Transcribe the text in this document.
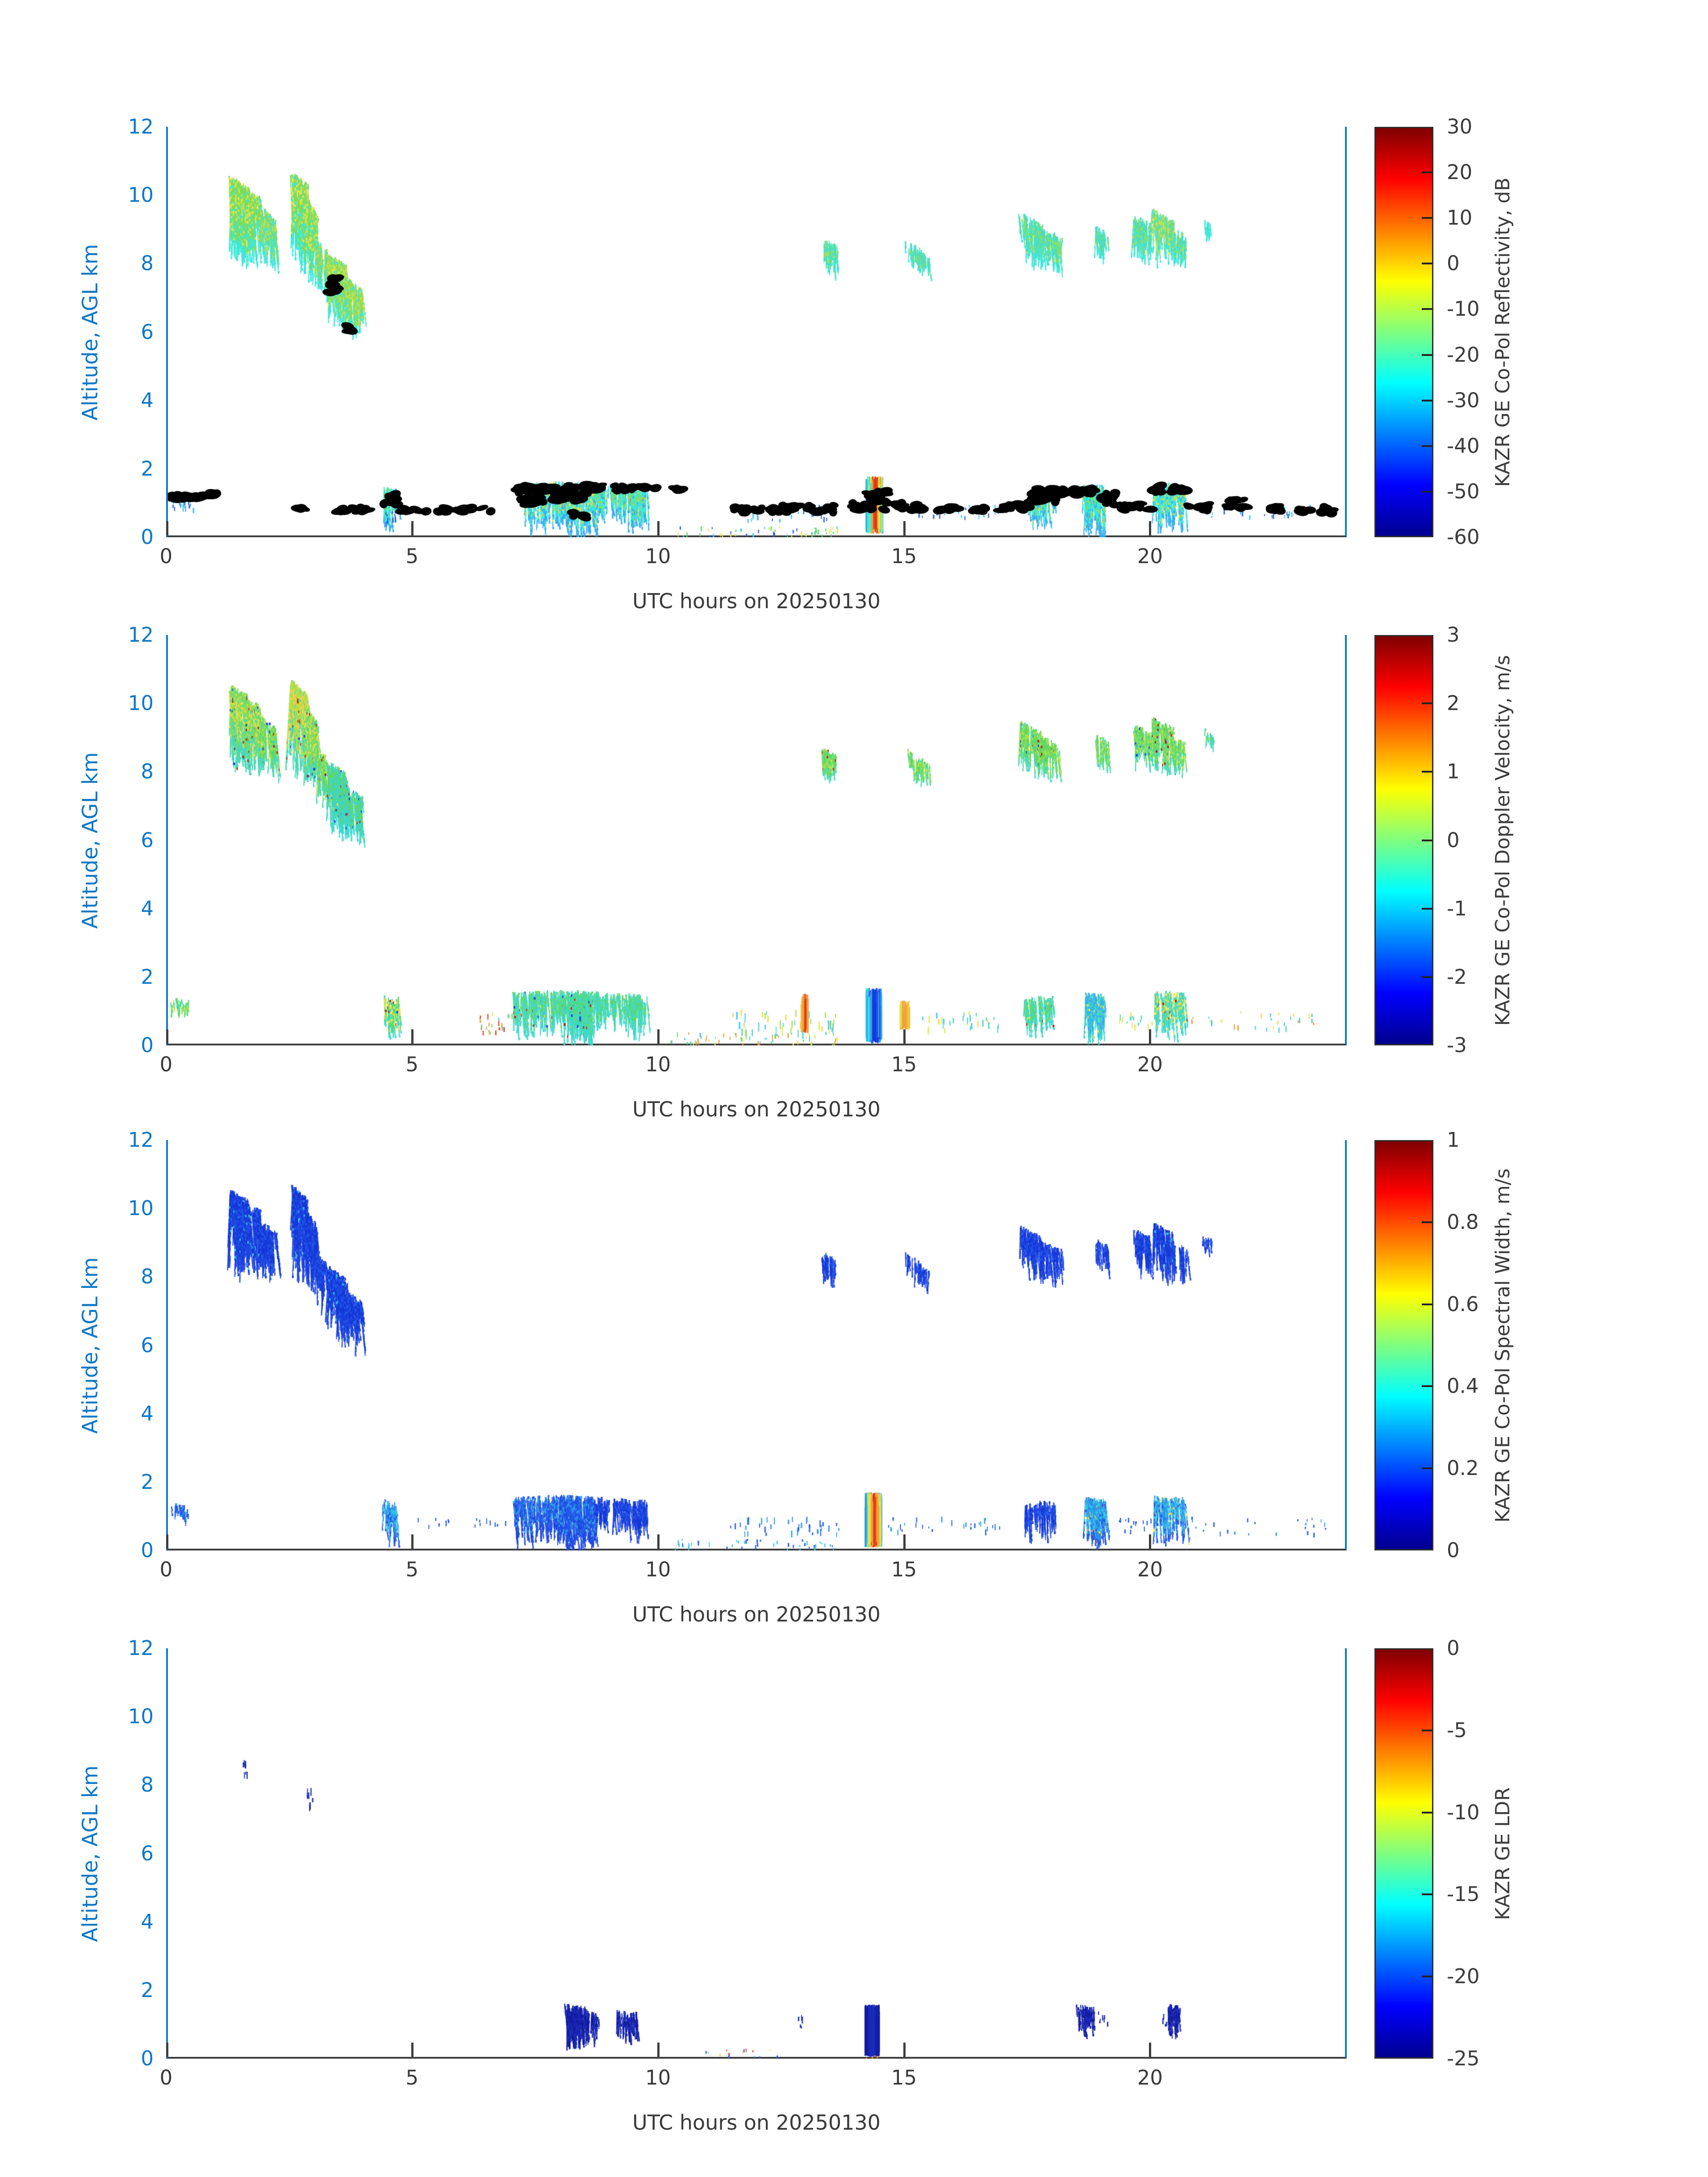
Altitude, AGL km
0
2
4
6
8
10
12
0	5	10	15	20
UTC hours on 20250130
30
20
10
0
-10
-20
-30
-40
-50
-60
KAZR GE Co-Pol Reflectivity, dB
Altitude, AGL km
0
2
4
6
8
10
12
0	5	10	15	20
UTC hours on 20250130
3
2
1
0
-1
-2
-3
KAZR GE Co-Pol Doppler Velocity, m/s
Altitude, AGL km
0
2
4
6
8
10
12
0	5	10	15	20
UTC hours on 20250130
1
0.8
0.6
0.4
0.2
0
KAZR GE Co-Pol Spectral Width, m/s
Altitude, AGL km
0
2
4
6
8
10
12
0	5	10	15	20
UTC hours on 20250130
0
-5
-10
-15
-20
-25
KAZR GE LDR
